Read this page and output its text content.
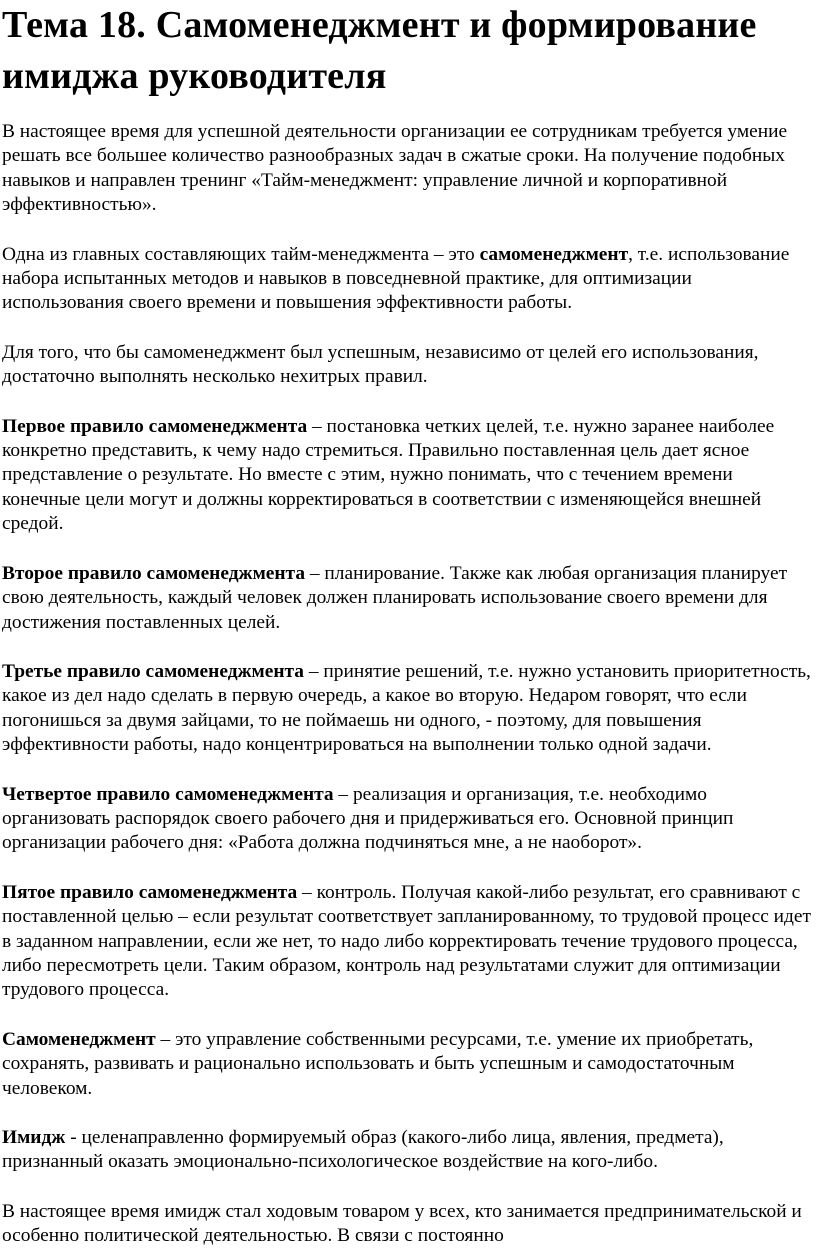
Тема 18. Самоменеджмент и формирование имиджа руководителя

В настоящее время для успешной деятельности организации ее сотрудникам требуется умение решать все большее количество разнообразных задач в сжатые сроки. На получение подобных навыков и направлен тренинг «Тайм-менеджмент: управление личной и корпоративной эффективностью».

Одна из главных составляющих тайм-менеджмента – это самоменеджмент, т.е. использование набора испытанных методов и навыков в повседневной практике, для оптимизации использования своего времени и повышения эффективности работы.

Для того, что бы самоменеджмент был успешным, независимо от целей его использования, достаточно выполнять несколько нехитрых правил.

Первое правило самоменеджмента – постановка четких целей, т.е. нужно заранее наиболее конкретно представить, к чему надо стремиться. Правильно поставленная цель дает ясное представление о результате. Но вместе с этим, нужно понимать, что с течением времени конечные цели могут и должны корректироваться в соответствии с изменяющейся внешней средой.

Второе правило самоменеджмента – планирование. Также как любая организация планирует свою деятельность, каждый человек должен планировать использование своего времени для достижения поставленных целей.

Третье правило самоменеджмента – принятие решений, т.е. нужно установить приоритетность, какое из дел надо сделать в первую очередь, а какое во вторую. Недаром говорят, что если погонишься за двумя зайцами, то не поймаешь ни одного, - поэтому, для повышения эффективности работы, надо концентрироваться на выполнении только одной задачи.

Четвертое правило самоменеджмента – реализация и организация, т.е. необходимо организовать распорядок своего рабочего дня и придерживаться его. Основной принцип организации рабочего дня: «Работа должна подчиняться мне, а не наоборот».

Пятое правило самоменеджмента – контроль. Получая какой-либо результат, его сравнивают с поставленной целью – если результат соответствует запланированному, то трудовой процесс идет в заданном направлении, если же нет, то надо либо корректировать течение трудового процесса, либо пересмотреть цели. Таким образом, контроль над результатами служит для оптимизации трудового процесса.

Самоменеджмент – это управление собственными ресурсами, т.е. умение их приобретать, сохранять, развивать и рационально использовать и быть успешным и самодостаточным человеком.

Имидж - целенаправленно формируемый образ (какого-либо лица, явления, предмета), признанный оказать эмоционально-психологическое воздействие на кого-либо.

В настоящее время имидж стал ходовым товаром у всех, кто занимается предпринимательской и особенно политической деятельностью. В связи с постоянно
